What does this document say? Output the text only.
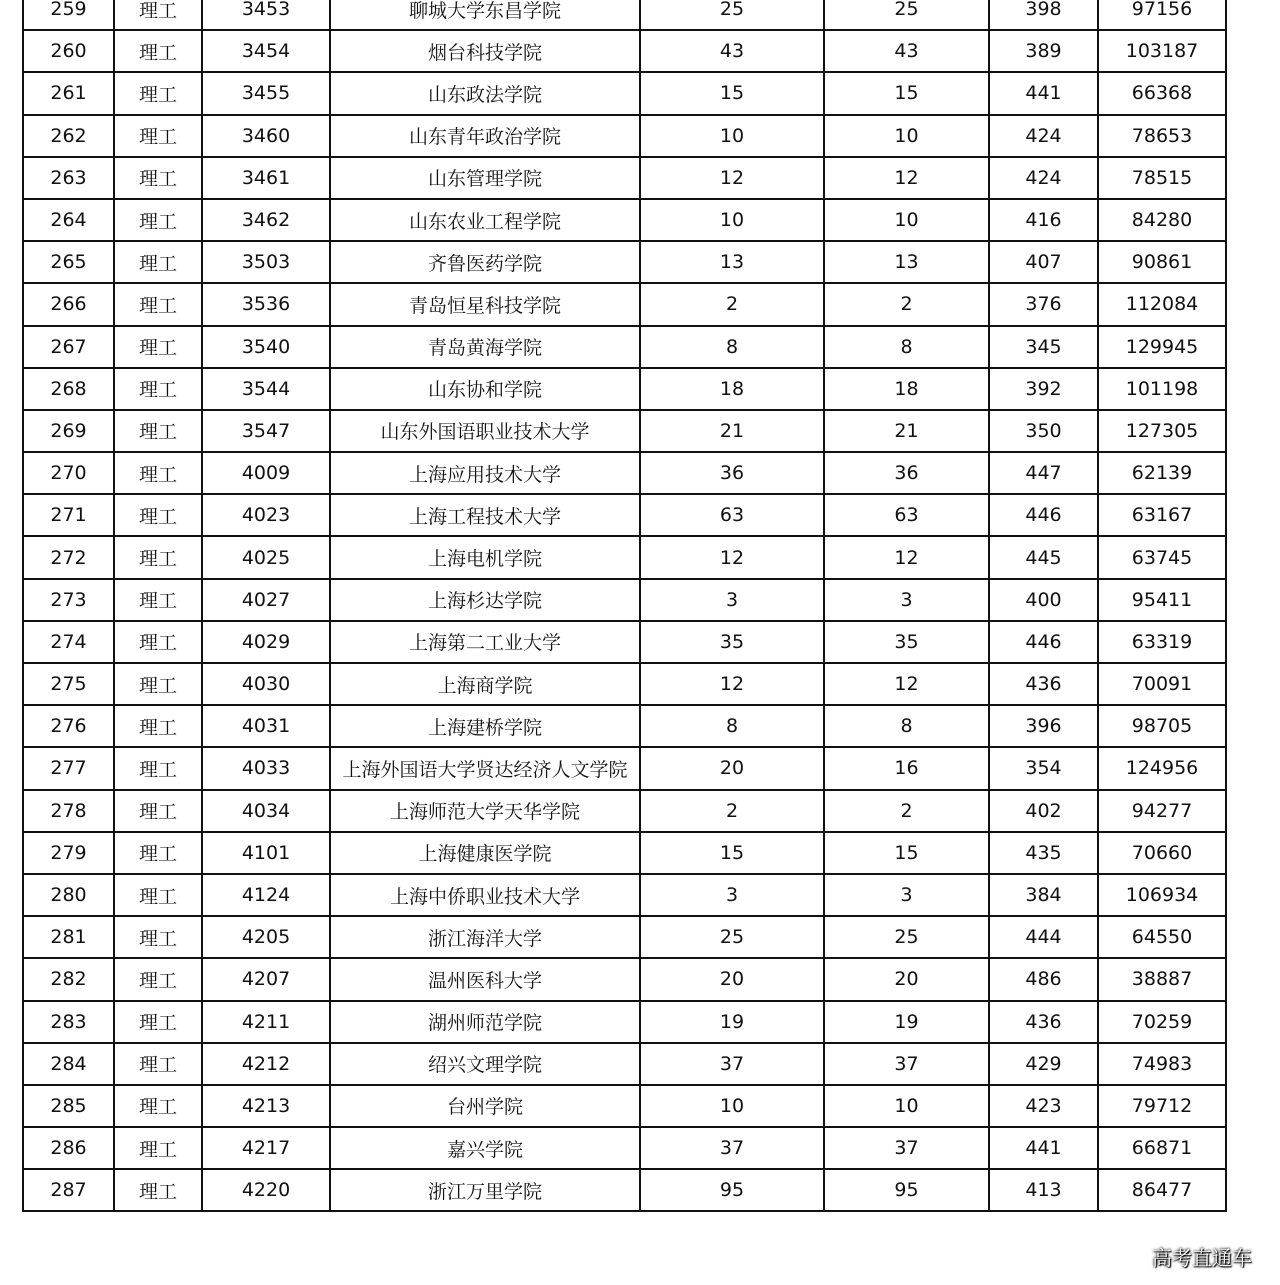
259	理工	3453	聊城大学东昌学院	25	25	398	97156
260	理工	3454	烟台科技学院	43	43	389	103187
261	理工	3455	山东政法学院	15	15	441	66368
262	理工	3460	山东青年政治学院	10	10	424	78653
263	理工	3461	山东管理学院	12	12	424	78515
264	理工	3462	山东农业工程学院	10	10	416	84280
265	理工	3503	齐鲁医药学院	13	13	407	90861
266	理工	3536	青岛恒星科技学院	2	2	376	112084
267	理工	3540	青岛黄海学院	8	8	345	129945
268	理工	3544	山东协和学院	18	18	392	101198
269	理工	3547	山东外国语职业技术大学	21	21	350	127305
270	理工	4009	上海应用技术大学	36	36	447	62139
271	理工	4023	上海工程技术大学	63	63	446	63167
272	理工	4025	上海电机学院	12	12	445	63745
273	理工	4027	上海杉达学院	3	3	400	95411
274	理工	4029	上海第二工业大学	35	35	446	63319
275	理工	4030	上海商学院	12	12	436	70091
276	理工	4031	上海建桥学院	8	8	396	98705
277	理工	4033	上海外国语大学贤达经济人文学院	20	16	354	124956
278	理工	4034	上海师范大学天华学院	2	2	402	94277
279	理工	4101	上海健康医学院	15	15	435	70660
280	理工	4124	上海中侨职业技术大学	3	3	384	106934
281	理工	4205	浙江海洋大学	25	25	444	64550
282	理工	4207	温州医科大学	20	20	486	38887
283	理工	4211	湖州师范学院	19	19	436	70259
284	理工	4212	绍兴文理学院	37	37	429	74983
285	理工	4213	台州学院	10	10	423	79712
286	理工	4217	嘉兴学院	37	37	441	66871
287	理工	4220	浙江万里学院	95	95	413	86477
高考直通车
